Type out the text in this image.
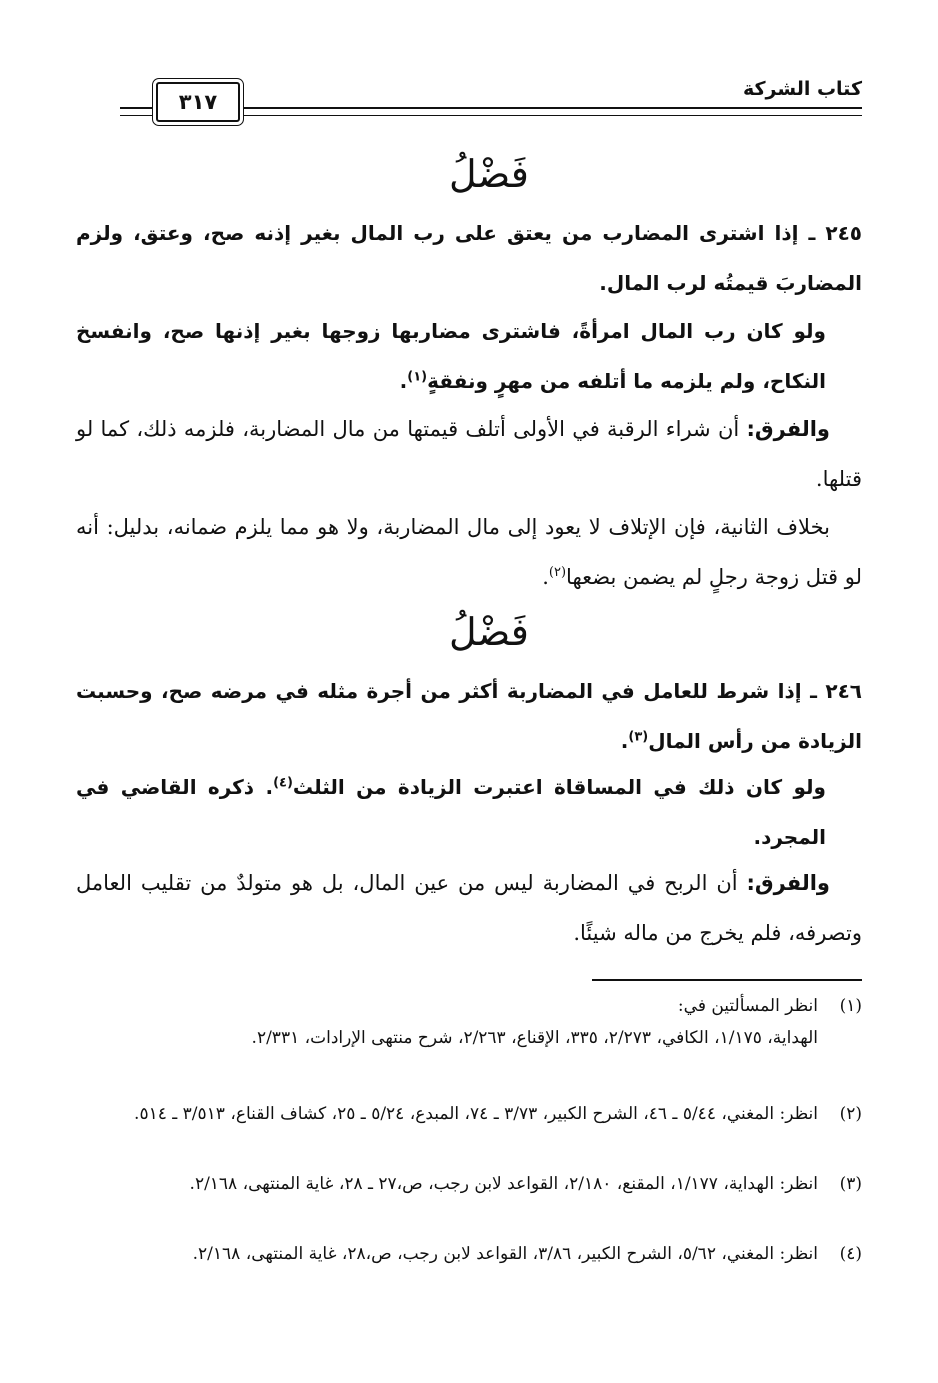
كتاب الشركة
٣١٧
فَضْلُ
٢٤٥ ـ إذا اشترى المضارب من يعتق على رب المال بغير إذنه صح، وعتق، ولزم المضاربَ قيمتُه لرب المال.
ولو كان رب المال امرأةً، فاشترى مضاربها زوجها بغير إذنها صح، وانفسخ النكاح، ولم يلزمه ما أتلفه من مهرٍ ونفقةٍ$^{(١)}$.
والفرق: أن شراء الرقبة في الأولى أتلف قيمتها من مال المضاربة، فلزمه ذلك، كما لو قتلها.
بخلاف الثانية، فإن الإتلاف لا يعود إلى مال المضاربة، ولا هو مما يلزم ضمانه، بدليل: أنه لو قتل زوجة رجلٍ لم يضمن بضعها$^{(٢)}$.
فَضْلُ
٢٤٦ ـ إذا شرط للعامل في المضاربة أكثر من أجرة مثله في مرضه صح، وحسبت الزيادة من رأس المال$^{(٣)}$.
ولو كان ذلك في المساقاة اعتبرت الزيادة من الثلث$^{(٤)}$. ذكره القاضي في المجرد.
والفرق: أن الربح في المضاربة ليس من عين المال، بل هو متولدٌ من تقليب العامل وتصرفه، فلم يخرج من ماله شيئًا.
(١)
انظر المسألتين في:
الهداية، ١/١٧٥، الكافي، ٢/٢٧٣، ٣٣٥، الإقناع، ٢/٢٦٣، شرح منتهى الإرادات، ٢/٣٣١.
(٢)
انظر: المغني، ٥/٤٤ ـ ٤٦، الشرح الكبير، ٣/٧٣ ـ ٧٤، المبدع، ٥/٢٤ ـ ٢٥، كشاف القناع، ٣/٥١٣ ـ ٥١٤.
(٣)
انظر: الهداية، ١/١٧٧، المقنع، ٢/١٨٠، القواعد لابن رجب، ص،٢٧ ـ ٢٨، غاية المنتهى، ٢/١٦٨.
(٤)
انظر: المغني، ٥/٦٢، الشرح الكبير، ٣/٨٦، القواعد لابن رجب، ص،٢٨، غاية المنتهى، ٢/١٦٨.
